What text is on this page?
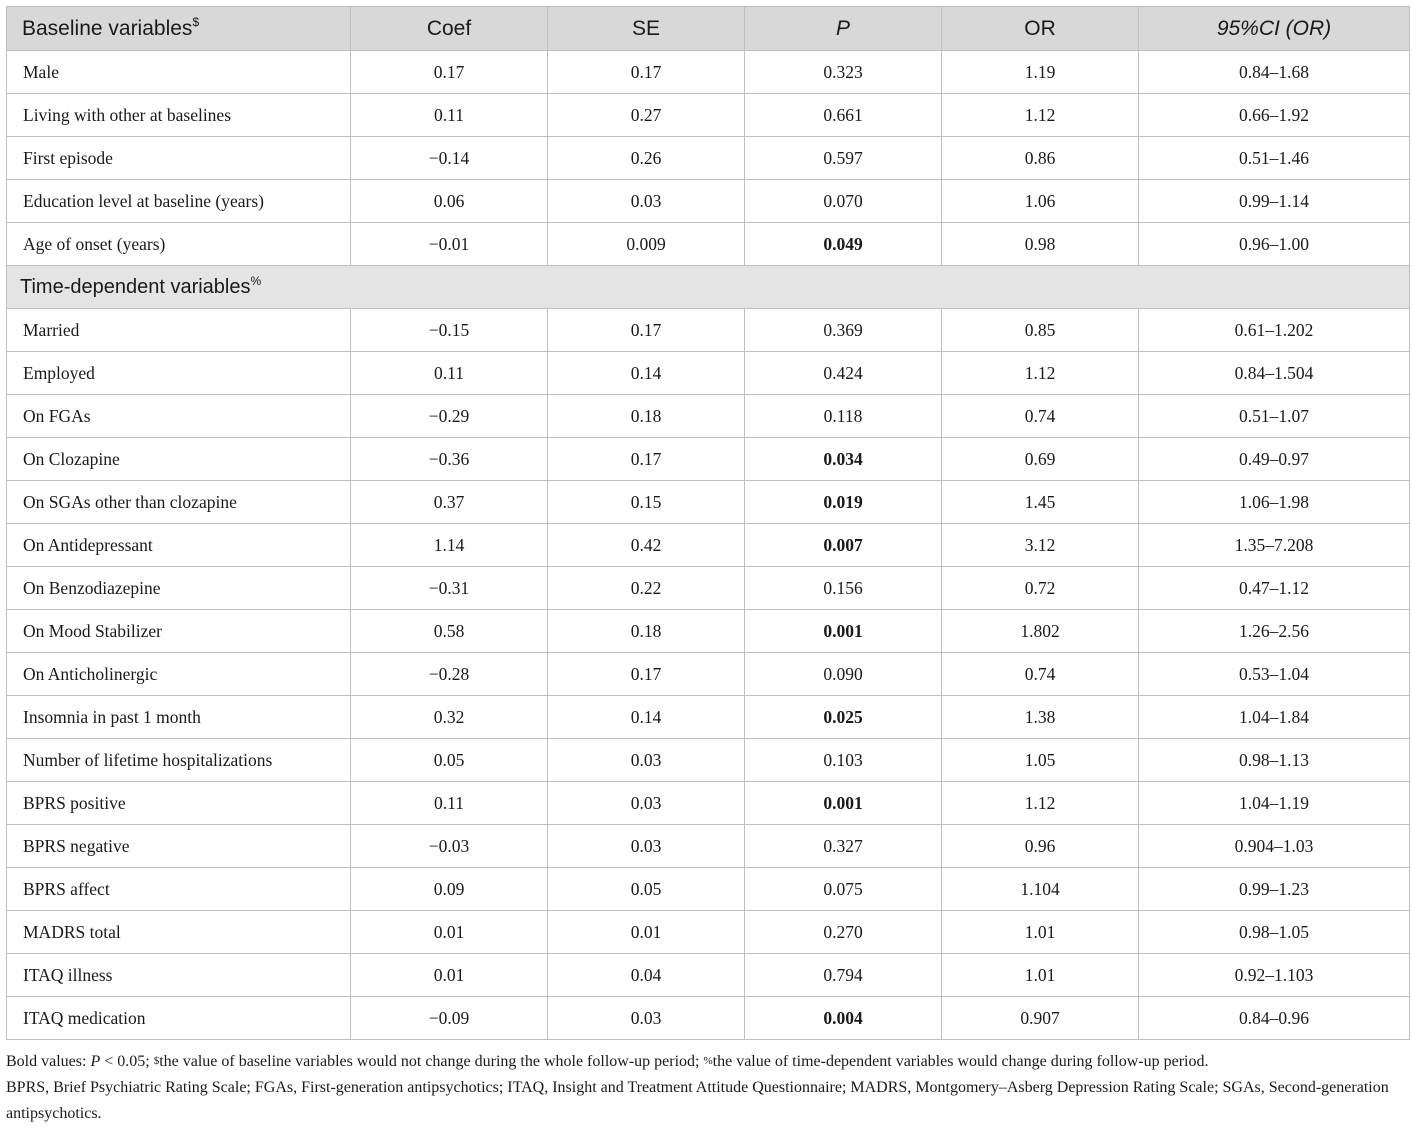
Baseline variables$	Coef	SE	P	OR	95%CI (OR)
Male	0.17	0.17	0.323	1.19	0.84–1.68
Living with other at baselines	0.11	0.27	0.661	1.12	0.66–1.92
First episode	−0.14	0.26	0.597	0.86	0.51–1.46
Education level at baseline (years)	0.06	0.03	0.070	1.06	0.99–1.14
Age of onset (years)	−0.01	0.009	0.049	0.98	0.96–1.00
Time-dependent variables%
Married	−0.15	0.17	0.369	0.85	0.61–1.202
Employed	0.11	0.14	0.424	1.12	0.84–1.504
On FGAs	−0.29	0.18	0.118	0.74	0.51–1.07
On Clozapine	−0.36	0.17	0.034	0.69	0.49–0.97
On SGAs other than clozapine	0.37	0.15	0.019	1.45	1.06–1.98
On Antidepressant	1.14	0.42	0.007	3.12	1.35–7.208
On Benzodiazepine	−0.31	0.22	0.156	0.72	0.47–1.12
On Mood Stabilizer	0.58	0.18	0.001	1.802	1.26–2.56
On Anticholinergic	−0.28	0.17	0.090	0.74	0.53–1.04
Insomnia in past 1 month	0.32	0.14	0.025	1.38	1.04–1.84
Number of lifetime hospitalizations	0.05	0.03	0.103	1.05	0.98–1.13
BPRS positive	0.11	0.03	0.001	1.12	1.04–1.19
BPRS negative	−0.03	0.03	0.327	0.96	0.904–1.03
BPRS affect	0.09	0.05	0.075	1.104	0.99–1.23
MADRS total	0.01	0.01	0.270	1.01	0.98–1.05
ITAQ illness	0.01	0.04	0.794	1.01	0.92–1.103
ITAQ medication	−0.09	0.03	0.004	0.907	0.84–0.96
Bold values: P < 0.05; $the value of baseline variables would not change during the whole follow-up period; %the value of time-dependent variables would change during follow-up period.
BPRS, Brief Psychiatric Rating Scale; FGAs, First-generation antipsychotics; ITAQ, Insight and Treatment Attitude Questionnaire; MADRS, Montgomery–Asberg Depression Rating Scale; SGAs, Second-generation antipsychotics.
